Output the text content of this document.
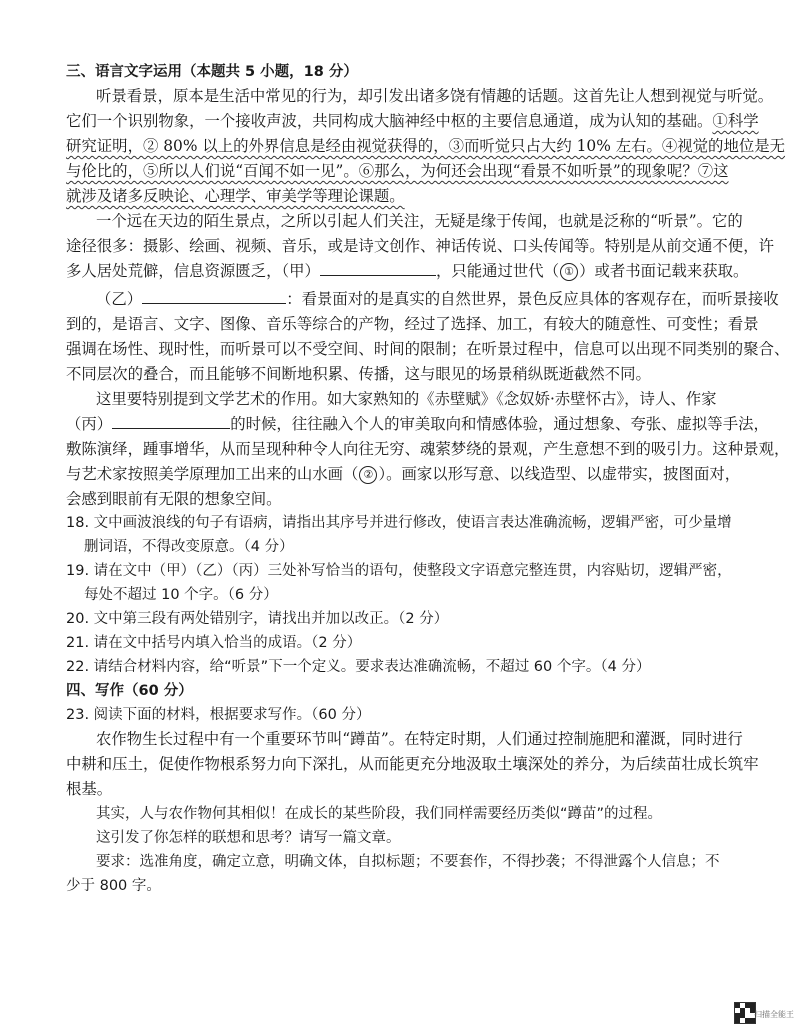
三、语言文字运用（本题共 5 小题，18 分）
听景看景，原本是生活中常见的行为，却引发出诸多饶有情趣的话题。这首先让人想到视觉与听觉。
它们一个识别物象，一个接收声波，共同构成大脑神经中枢的主要信息通道，成为认知的基础。①科学
研究证明，② 80% 以上的外界信息是经由视觉获得的，③而听觉只占大约 10% 左右。④视觉的地位是无
与伦比的，⑤所以人们说“百闻不如一见”。⑥那么，为何还会出现“看景不如听景”的现象呢？⑦这
就涉及诸多反映论、心理学、审美学等理论课题。
一个远在天边的陌生景点，之所以引起人们关注，无疑是缘于传闻，也就是泛称的“听景”。它的
途径很多：摄影、绘画、视频、音乐，或是诗文创作、神话传说、口头传闻等。特别是从前交通不便，许
多人居处荒僻，信息资源匮乏，（甲）	，只能通过世代（ ① ）或者书面记载来获取。
（乙）	：看景面对的是真实的自然世界，景色反应具体的客观存在，而听景接收
到的，是语言、文字、图像、音乐等综合的产物，经过了选择、加工，有较大的随意性、可变性；看景
强调在场性、现时性，而听景可以不受空间、时间的限制；在听景过程中，信息可以出现不同类别的聚合、
不同层次的叠合，而且能够不间断地积累、传播，这与眼见的场景稍纵既逝截然不同。
这里要特别提到文学艺术的作用。如大家熟知的《赤壁赋》《念奴娇·赤壁怀古》，诗人、作家
（丙）	的时候，往往融入个人的审美取向和情感体验，通过想象、夸张、虚拟等手法，
敷陈演绎，踵事增华，从而呈现种种令人向往无穷、魂萦梦绕的景观，产生意想不到的吸引力。这种景观，
与艺术家按照美学原理加工出来的山水画（ ② ）。画家以形写意、以线造型、以虚带实，披图面对，
会感到眼前有无限的想象空间。
18. 文中画波浪线的句子有语病，请指出其序号并进行修改，使语言表达准确流畅，逻辑严密，可少量增
删词语，不得改变原意。（4 分）
19. 请在文中（甲）（乙）（丙）三处补写恰当的语句，使整段文字语意完整连贯，内容贴切，逻辑严密，
每处不超过 10 个字。（6 分）
20. 文中第三段有两处错别字，请找出并加以改正。（2 分）
21. 请在文中括号内填入恰当的成语。（2 分）
22. 请结合材料内容，给“听景”下一个定义。要求表达准确流畅，不超过 60 个字。（4 分）
四、写作（60 分）
23. 阅读下面的材料，根据要求写作。（60 分）
农作物生长过程中有一个重要环节叫“蹲苗”。在特定时期，人们通过控制施肥和灌溉，同时进行
中耕和压土，促使作物根系努力向下深扎，从而能更充分地汲取土壤深处的养分，为后续苗壮成长筑牢
根基。
其实，人与农作物何其相似！在成长的某些阶段，我们同样需要经历类似“蹲苗”的过程。
这引发了你怎样的联想和思考？请写一篇文章。
要求：选准角度，确定立意，明确文体，自拟标题；不要套作，不得抄袭；不得泄露个人信息；不
少于 800 字。
扫描全能王
